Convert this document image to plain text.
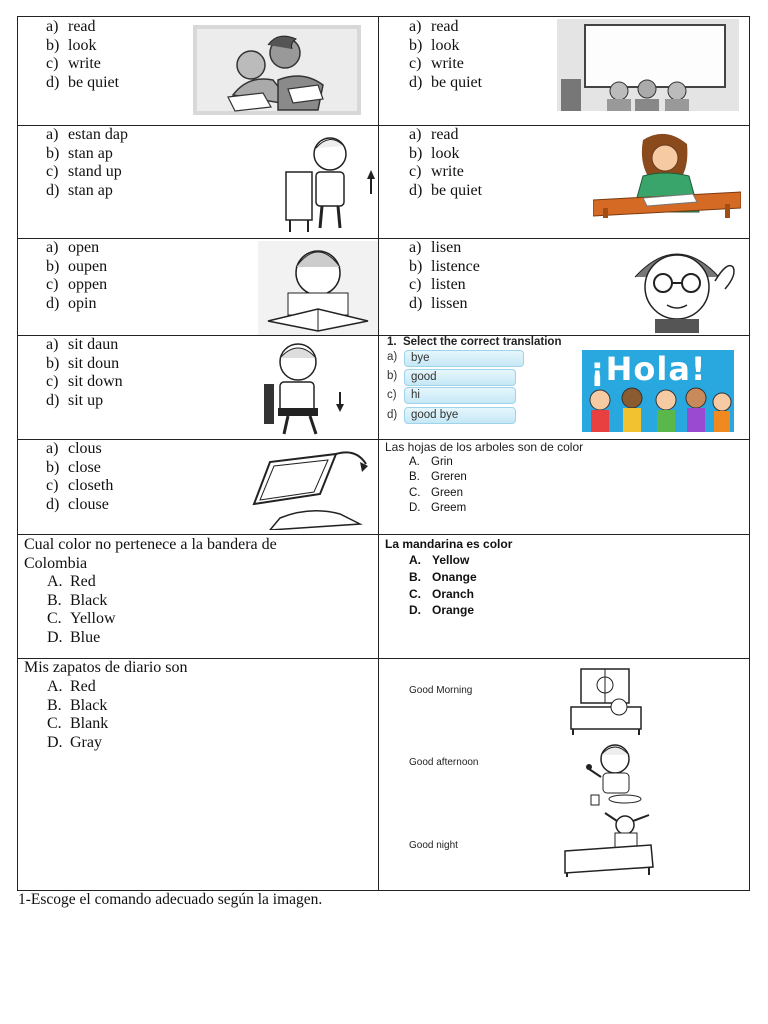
a) read
b) look
c) write
d) be quiet
a) read
b) look
c) write
d) be quiet
a) estan dap
b) stan ap
c) stand up
d) stan ap
a) read
b) look
c) write
d) be quiet
a) open
b) oupen
c) oppen
d) opin
a) lisen
b) listence
c) listen
d) lissen
a) sit daun
b) sit doun
c) sit down
d) sit up
1.  Select the correct translation
a)	bye
b)	good
c)	hi
d)	good bye
¡Hola!
a) clous
b) close
c) closeth
d) clouse
Las hojas de los arboles son de color
A. Grin
B. Greren
C. Green
D. Greem
Cual color no pertenece a la bandera de
Colombia
A. Red
B. Black
C. Yellow
D. Blue
La mandarina es color
A. Yellow
B. Onange
C. Oranch
D. Orange
Mis zapatos de diario son
A. Red
B. Black
C. Blank
D. Gray
Good Morning
Good afternoon
Good night
1-Escoge el comando adecuado según la imagen.
